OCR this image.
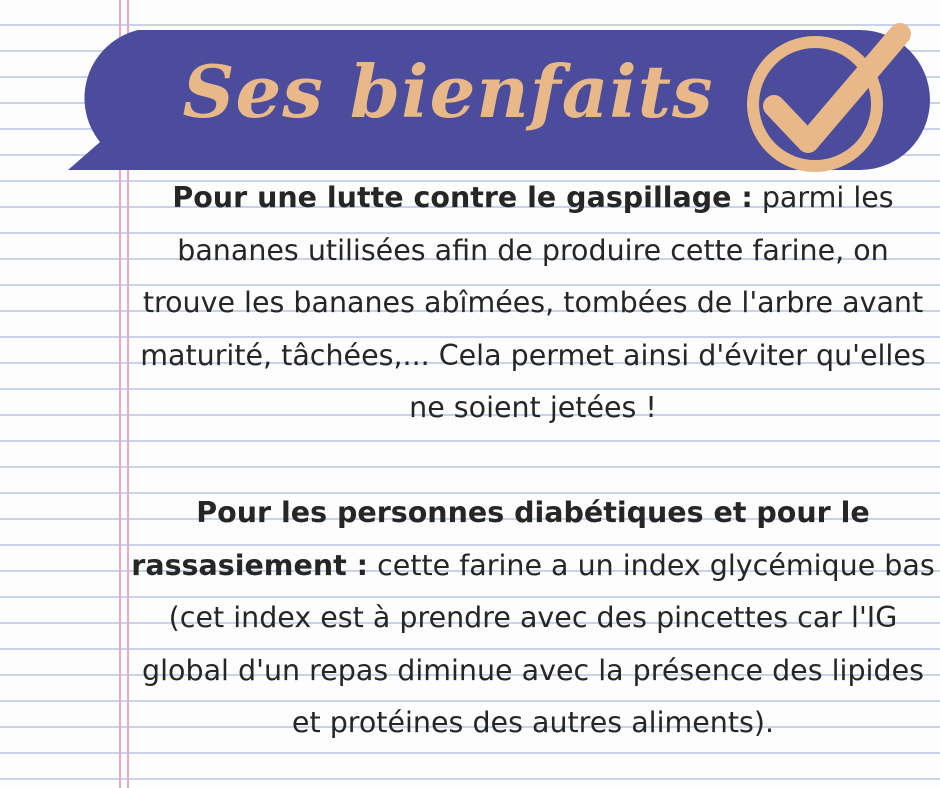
Ses bienfaits

Pour une lutte contre le gaspillage : parmi les bananes utilisées afin de produire cette farine, on trouve les bananes abîmées, tombées de l'arbre avant maturité, tâchées,... Cela permet ainsi d'éviter qu'elles ne soient jetées !

Pour les personnes diabétiques et pour le rassasiement : cette farine a un index glycémique bas (cet index est à prendre avec des pincettes car l'IG global d'un repas diminue avec la présence des lipides et protéines des autres aliments).
